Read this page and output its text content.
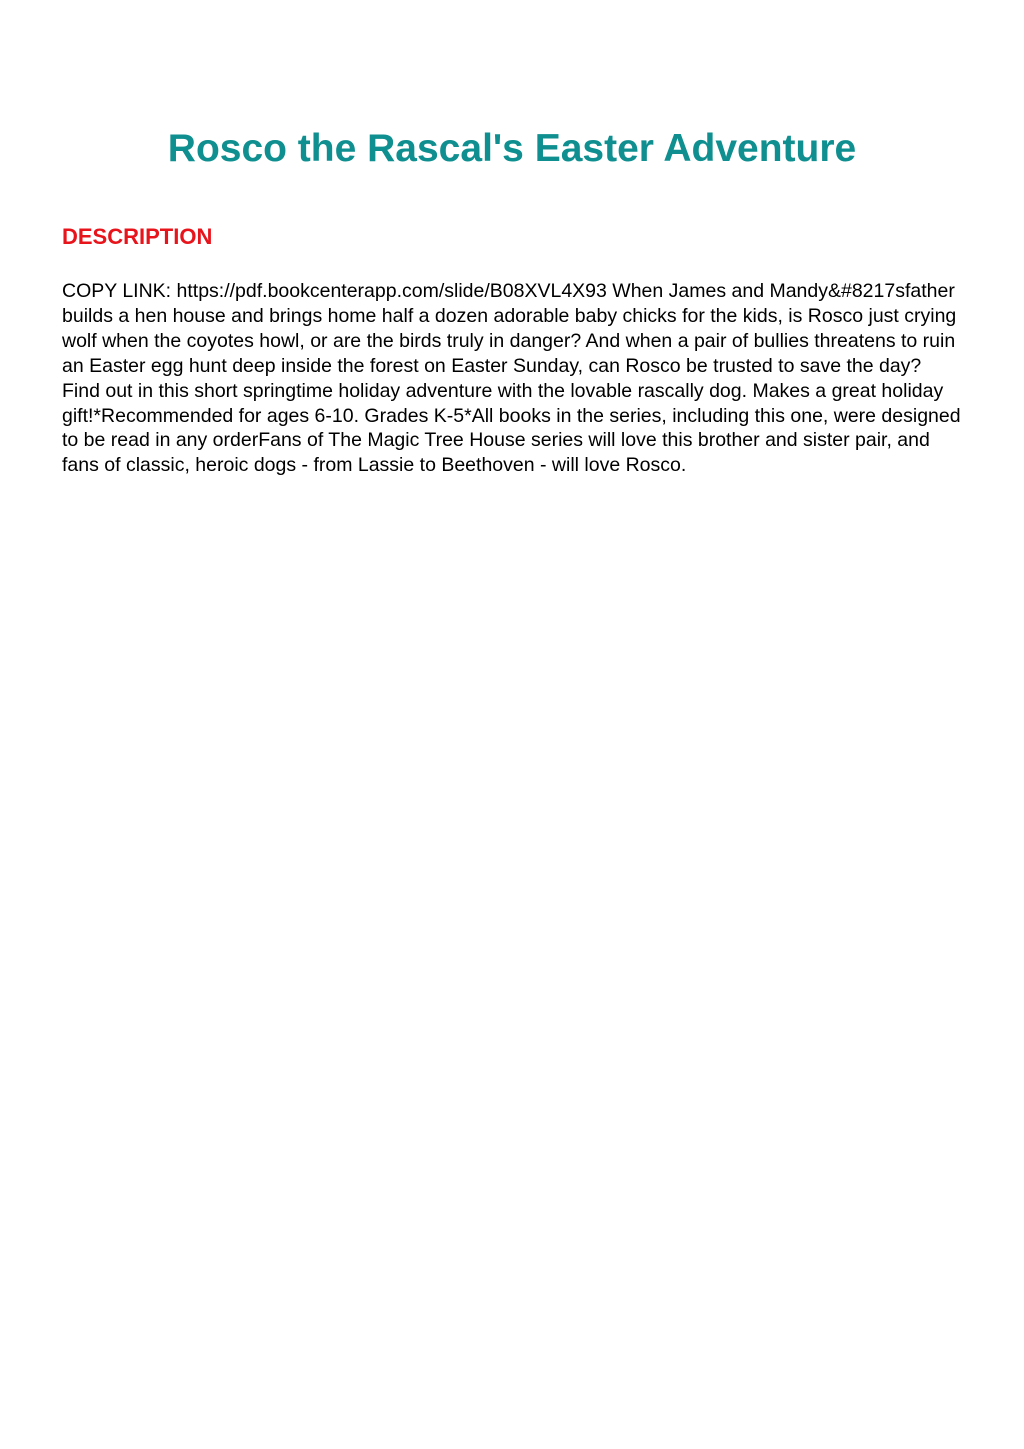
Rosco the Rascal's Easter Adventure
DESCRIPTION

COPY LINK: https://pdf.bookcenterapp.com/slide/B08XVL4X93 When James and Mandy&#8217sfather builds a hen house and brings home half a dozen adorable baby chicks for the kids, is Rosco just crying wolf when the coyotes howl, or are the birds truly in danger? And when a pair of bullies threatens to ruin an Easter egg hunt deep inside the forest on Easter Sunday, can Rosco be trusted to save the day? Find out in this short springtime holiday adventure with the lovable rascally dog. Makes a great holiday gift!*Recommended for ages 6-10. Grades K-5*All books in the series, including this one, were designed to be read in any orderFans of The Magic Tree House series will love this brother and sister pair, and fans of classic, heroic dogs - from Lassie to Beethoven - will love Rosco.
